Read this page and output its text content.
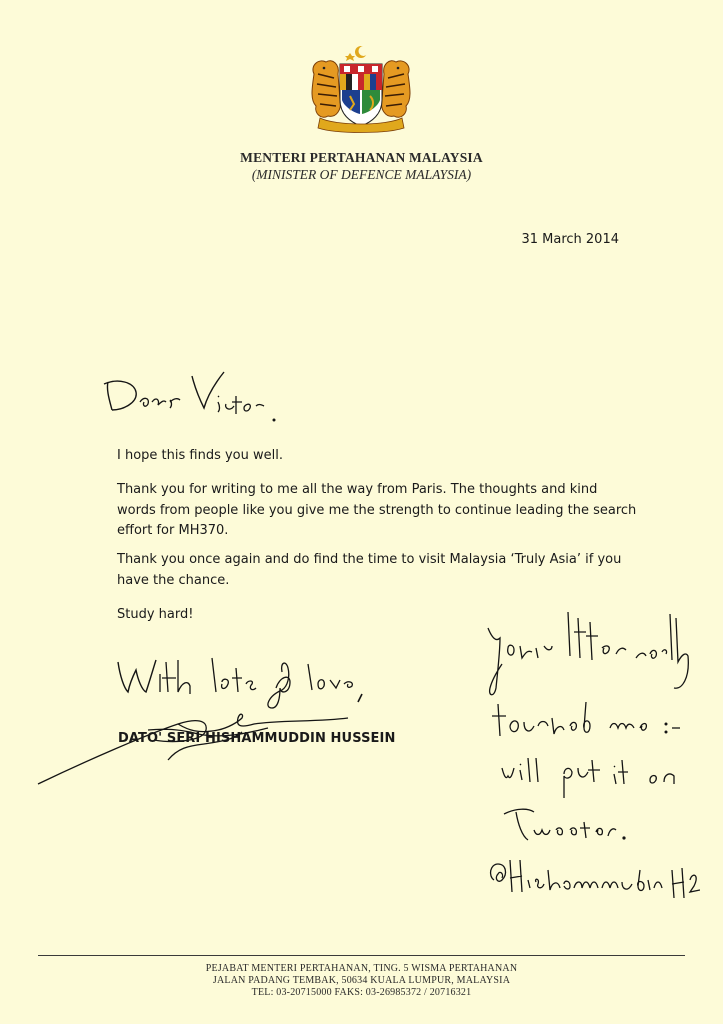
MENTERI PERTAHANAN MALAYSIA
(MINISTER OF DEFENCE MALAYSIA)
31 March 2014
I hope this finds you well.
Thank you for writing to me all the way from Paris. The thoughts and kind words from people like you give me the strength to continue leading the search effort for MH370.
Thank you once again and do find the time to visit Malaysia ‘Truly Asia’ if you have the chance.
Study hard!
DATO' SERI HISHAMMUDDIN HUSSEIN
PEJABAT MENTERI PERTAHANAN, TING. 5 WISMA PERTAHANAN
JALAN PADANG TEMBAK, 50634 KUALA LUMPUR, MALAYSIA
TEL: 03-20715000 FAKS: 03-26985372 / 20716321
